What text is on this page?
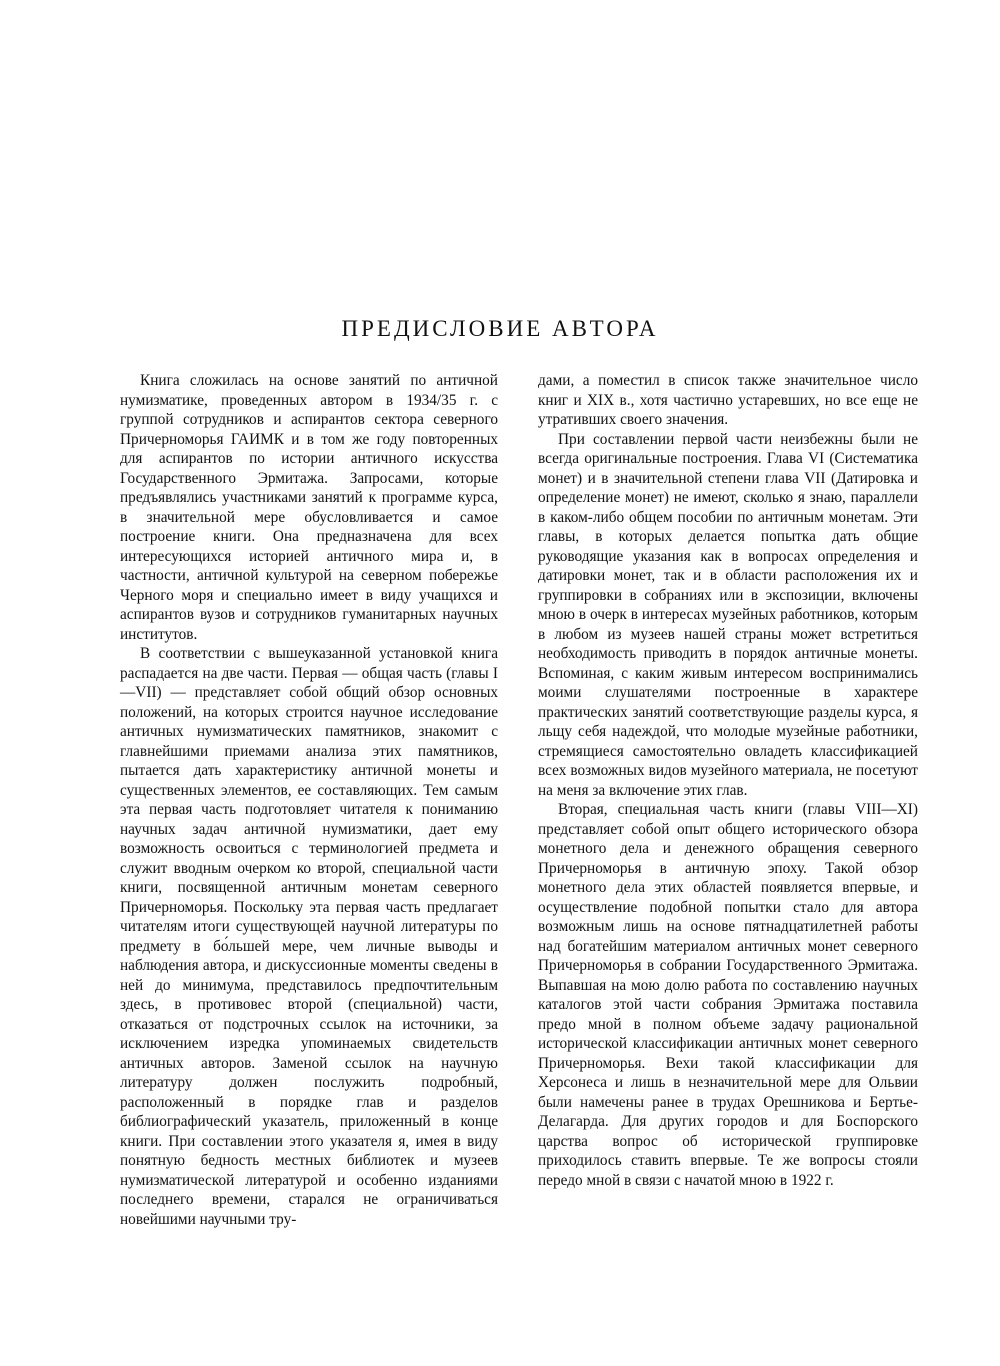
ПРЕДИСЛОВИЕ АВТОРА

Книга сложилась на основе занятий по античной нумизматике, проведенных автором в 1934/35 г. с группой сотрудников и аспирантов сектора северного Причерноморья ГАИМК и в том же году повторенных для аспирантов по истории античного искусства Государственного Эрмитажа. Запросами, которые предъявлялись участниками занятий к программе курса, в значительной мере обусловливается и самое построение книги. Она предназначена для всех интересующихся историей античного мира и, в частности, античной культурой на северном побережье Черного моря и специально имеет в виду учащихся и аспирантов вузов и сотрудников гуманитарных научных институтов.

В соответствии с вышеуказанной установкой книга распадается на две части. Первая — общая часть (главы I—VII) — представляет собой общий обзор основных положений, на которых строится научное исследование античных нумизматических памятников, знакомит с главнейшими приемами анализа этих памятников, пытается дать характеристику античной монеты и существенных элементов, ее составляющих. Тем самым эта первая часть подготовляет читателя к пониманию научных задач античной нумизматики, дает ему возможность освоиться с терминологией предмета и служит вводным очерком ко второй, специальной части книги, посвященной античным монетам северного Причерноморья. Поскольку эта первая часть предлагает читателям итоги существующей научной литературы по предмету в бо́льшей мере, чем личные выводы и наблюдения автора, и дискуссионные моменты сведены в ней до минимума, представилось предпочтительным здесь, в противовес второй (специальной) части, отказаться от подстрочных ссылок на источники, за исключением изредка упоминаемых свидетельств античных авторов. Заменой ссылок на научную литературу должен послужить подробный, расположенный в порядке глав и разделов библиографический указатель, приложенный в конце книги. При составлении этого указателя я, имея в виду понятную бедность местных библиотек и музеев нумизматической литературой и особенно изданиями последнего времени, старался не ограничиваться новейшими научными тру-

дами, а поместил в список также значительное число книг и XIX в., хотя частично устаревших, но все еще не утративших своего значения.

При составлении первой части неизбежны были не всегда оригинальные построения. Глава VI (Систематика монет) и в значительной степени глава VII (Датировка и определение монет) не имеют, сколько я знаю, параллели в каком-либо общем пособии по античным монетам. Эти главы, в которых делается попытка дать общие руководящие указания как в вопросах определения и датировки монет, так и в области расположения их и группировки в собраниях или в экспозиции, включены мною в очерк в интересах музейных работников, которым в любом из музеев нашей страны может встретиться необходимость приводить в порядок античные монеты. Вспоминая, с каким живым интересом воспринимались моими слушателями построенные в характере практических занятий соответствующие разделы курса, я льщу себя надеждой, что молодые музейные работники, стремящиеся самостоятельно овладеть классификацией всех возможных видов музейного материала, не посетуют на меня за включение этих глав.

Вторая, специальная часть книги (главы VIII—XI) представляет собой опыт общего исторического обзора монетного дела и денежного обращения северного Причерноморья в античную эпоху. Такой обзор монетного дела этих областей появляется впервые, и осуществление подобной попытки стало для автора возможным лишь на основе пятнадцатилетней работы над богатейшим материалом античных монет северного Причерноморья в собрании Государственного Эрмитажа. Выпавшая на мою долю работа по составлению научных каталогов этой части собрания Эрмитажа поставила предо мной в полном объеме задачу рациональной исторической классификации античных монет северного Причерноморья. Вехи такой классификации для Херсонеса и лишь в незначительной мере для Ольвии были намечены ранее в трудах Орешникова и Бертье-Делагарда. Для других городов и для Боспорского царства вопрос об исторической группировке приходилось ставить впервые. Те же вопросы стояли передо мной в связи с начатой мною в 1922 г.
